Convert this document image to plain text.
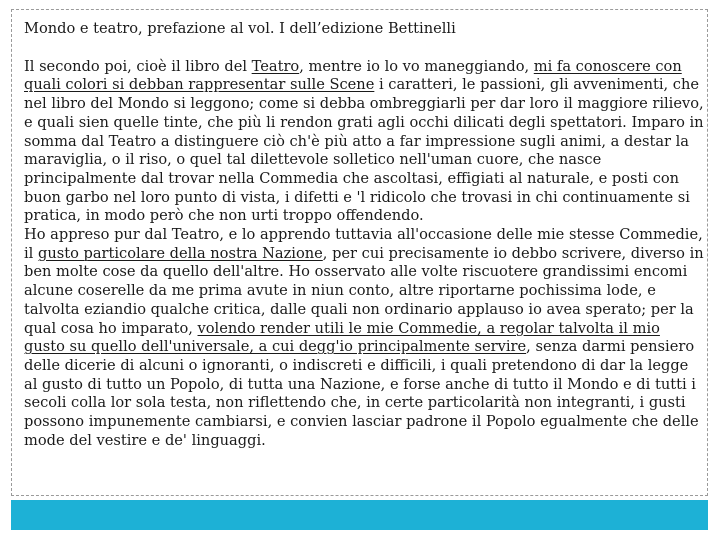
Mondo e teatro, prefazione al vol. I dell’edizione Bettinelli

Il secondo poi, cioè il libro del Teatro, mentre io lo vo maneggiando, mi fa conoscere con quali colori si debban rappresentar sulle Scene i caratteri, le passioni, gli avvenimenti, che nel libro del Mondo si leggono; come si debba ombreggiarli per dar loro il maggiore rilievo, e quali sien quelle tinte, che più li rendon grati agli occhi dilicati degli spettatori. Imparo in somma dal Teatro a distinguere ciò ch'è più atto a far impressione sugli animi, a destar la maraviglia, o il riso, o quel tal dilettevole solletico nell'uman cuore, che nasce principalmente dal trovar nella Commedia che ascoltasi, effigiati al naturale, e posti con buon garbo nel loro punto di vista, i difetti e 'l ridicolo che trovasi in chi continuamente si pratica, in modo però che non urti troppo offendendo.

Ho appreso pur dal Teatro, e lo apprendo tuttavia all'occasione delle mie stesse Commedie, il gusto particolare della nostra Nazione, per cui precisamente io debbo scrivere, diverso in ben molte cose da quello dell'altre. Ho osservato alle volte riscuotere grandissimi encomi alcune coserelle da me prima avute in niun conto, altre riportarne pochissima lode, e talvolta eziandio qualche critica, dalle quali non ordinario applauso io avea sperato; per la qual cosa ho imparato, volendo render utili le mie Commedie, a regolar talvolta il mio gusto su quello dell'universale, a cui degg'io principalmente servire, senza darmi pensiero delle dicerie di alcuni o ignoranti, o indiscreti e difficili, i quali pretendono di dar la legge al gusto di tutto un Popolo, di tutta una Nazione, e forse anche di tutto il Mondo e di tutti i secoli colla lor sola testa, non riflettendo che, in certe particolarità non integranti, i gusti possono impunemente cambiarsi, e convien lasciar padrone il Popolo egualmente che delle mode del vestire e de' linguaggi.
